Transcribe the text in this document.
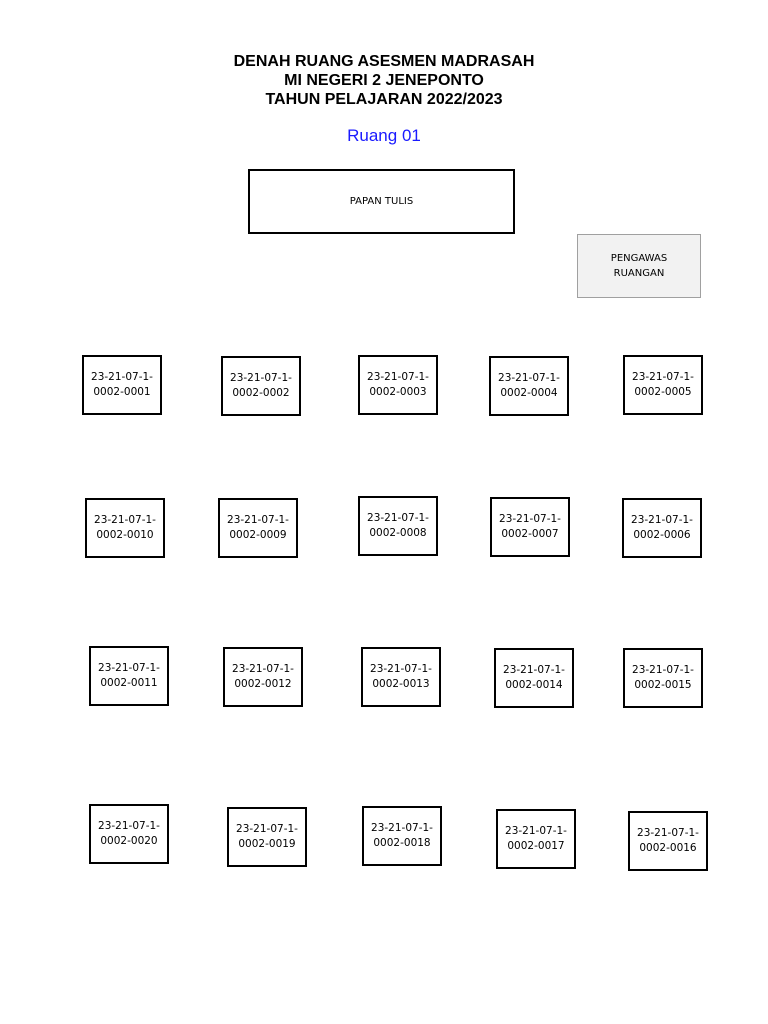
DENAH RUANG ASESMEN MADRASAH
MI NEGERI 2 JENEPONTO
TAHUN PELAJARAN 2022/2023
Ruang 01
PAPAN TULIS
PENGAWAS
RUANGAN
23-21-07-1-
0002-0001
23-21-07-1-
0002-0002
23-21-07-1-
0002-0003
23-21-07-1-
0002-0004
23-21-07-1-
0002-0005
23-21-07-1-
0002-0010
23-21-07-1-
0002-0009
23-21-07-1-
0002-0008
23-21-07-1-
0002-0007
23-21-07-1-
0002-0006
23-21-07-1-
0002-0011
23-21-07-1-
0002-0012
23-21-07-1-
0002-0013
23-21-07-1-
0002-0014
23-21-07-1-
0002-0015
23-21-07-1-
0002-0020
23-21-07-1-
0002-0019
23-21-07-1-
0002-0018
23-21-07-1-
0002-0017
23-21-07-1-
0002-0016
